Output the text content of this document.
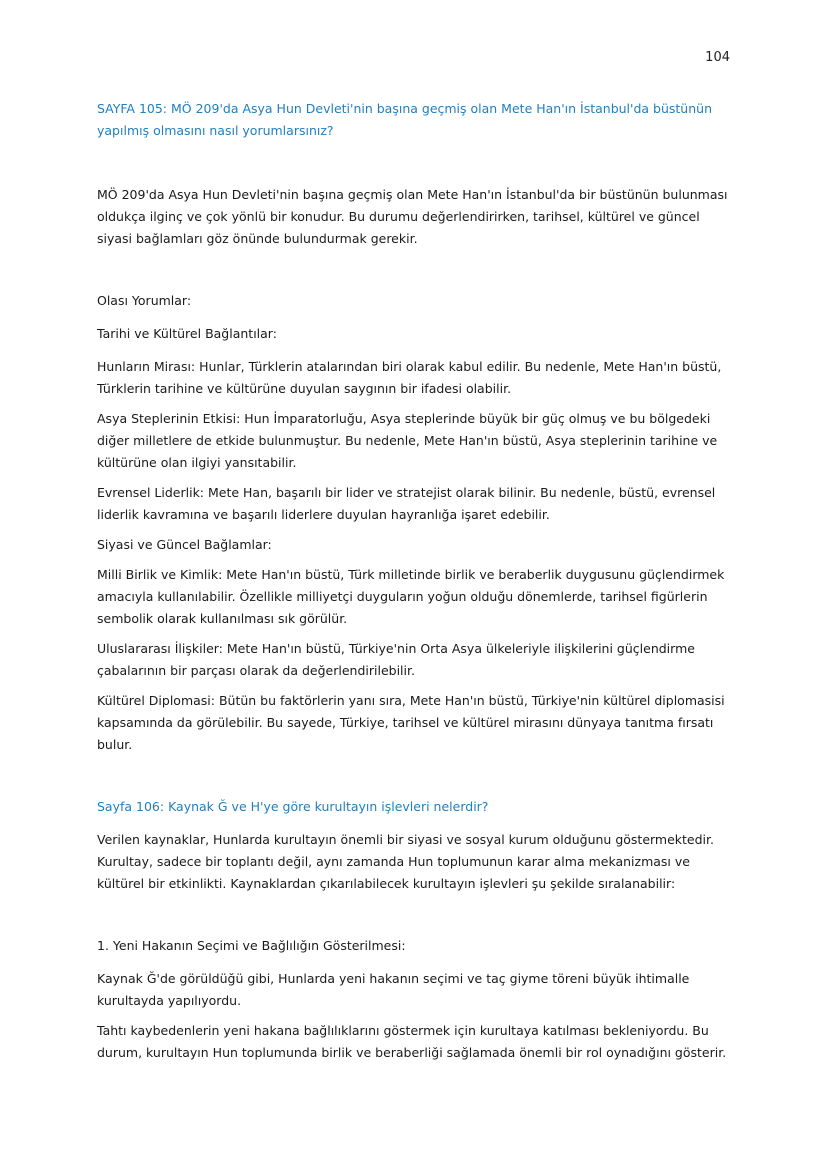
104

SAYFA 105: MÖ 209'da Asya Hun Devleti'nin başına geçmiş olan Mete Han'ın İstanbul'da büstünün yapılmış olmasını nasıl yorumlarsınız?

MÖ 209'da Asya Hun Devleti'nin başına geçmiş olan Mete Han'ın İstanbul'da bir büstünün bulunması oldukça ilginç ve çok yönlü bir konudur. Bu durumu değerlendirirken, tarihsel, kültürel ve güncel siyasi bağlamları göz önünde bulundurmak gerekir.

Olası Yorumlar:

Tarihi ve Kültürel Bağlantılar:

Hunların Mirası: Hunlar, Türklerin atalarından biri olarak kabul edilir. Bu nedenle, Mete Han'ın büstü, Türklerin tarihine ve kültürüne duyulan saygının bir ifadesi olabilir.

Asya Steplerinin Etkisi: Hun İmparatorluğu, Asya steplerinde büyük bir güç olmuş ve bu bölgedeki diğer milletlere de etkide bulunmuştur. Bu nedenle, Mete Han'ın büstü, Asya steplerinin tarihine ve kültürüne olan ilgiyi yansıtabilir.

Evrensel Liderlik: Mete Han, başarılı bir lider ve stratejist olarak bilinir. Bu nedenle, büstü, evrensel liderlik kavramına ve başarılı liderlere duyulan hayranlığa işaret edebilir.

Siyasi ve Güncel Bağlamlar:

Milli Birlik ve Kimlik: Mete Han'ın büstü, Türk milletinde birlik ve beraberlik duygusunu güçlendirmek amacıyla kullanılabilir. Özellikle milliyetçi duyguların yoğun olduğu dönemlerde, tarihsel figürlerin sembolik olarak kullanılması sık görülür.

Uluslararası İlişkiler: Mete Han'ın büstü, Türkiye'nin Orta Asya ülkeleriyle ilişkilerini güçlendirme çabalarının bir parçası olarak da değerlendirilebilir.

Kültürel Diplomasi: Bütün bu faktörlerin yanı sıra, Mete Han'ın büstü, Türkiye'nin kültürel diplomasisi kapsamında da görülebilir. Bu sayede, Türkiye, tarihsel ve kültürel mirasını dünyaya tanıtma fırsatı bulur.

Sayfa 106: Kaynak Ğ ve H'ye göre kurultayın işlevleri nelerdir?

Verilen kaynaklar, Hunlarda kurultayın önemli bir siyasi ve sosyal kurum olduğunu göstermektedir. Kurultay, sadece bir toplantı değil, aynı zamanda Hun toplumunun karar alma mekanizması ve kültürel bir etkinlikti. Kaynaklardan çıkarılabilecek kurultayın işlevleri şu şekilde sıralanabilir:

1. Yeni Hakanın Seçimi ve Bağlılığın Gösterilmesi:

Kaynak Ğ'de görüldüğü gibi, Hunlarda yeni hakanın seçimi ve taç giyme töreni büyük ihtimalle kurultayda yapılıyordu.

Tahtı kaybedenlerin yeni hakana bağlılıklarını göstermek için kurultaya katılması bekleniyordu. Bu durum, kurultayın Hun toplumunda birlik ve beraberliği sağlamada önemli bir rol oynadığını gösterir.
